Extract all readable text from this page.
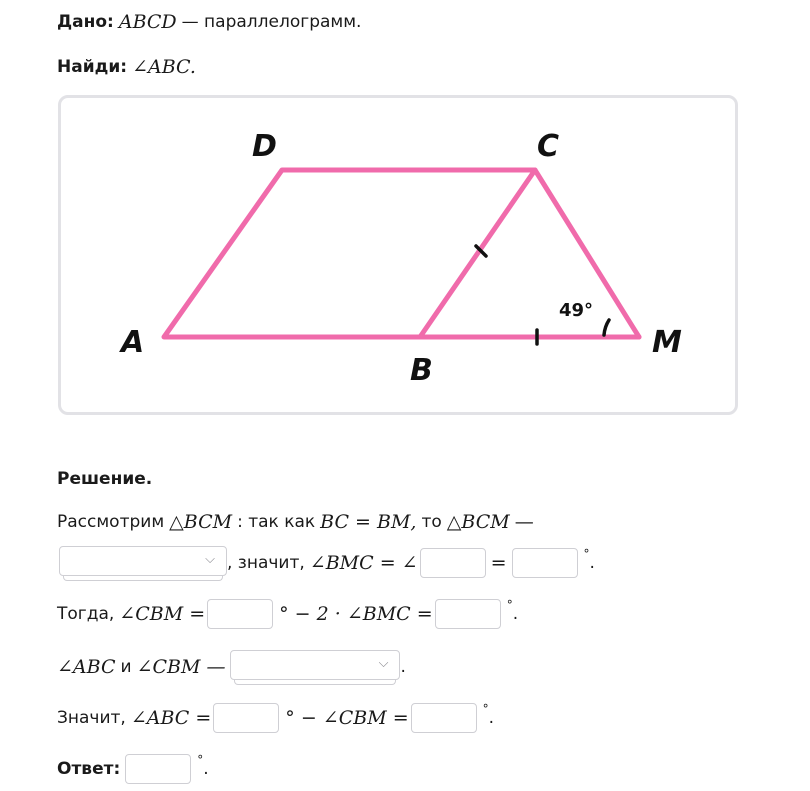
Дано: ABCD — параллелограмм.
Найди: ∠ABC.
49°
A
B
C
D
M
Решение.
Рассмотрим △BCM : так как BC = BM, то △BCM —
⌵ , значит, ∠BMC = ∠	=	° .
Тогда, ∠CBM =	° − 2 · ∠BMC =	° .
∠ABC и ∠CBM —	⌵ .
Значит, ∠ABC =	° − ∠CBM =	° .
Ответ:	° .
